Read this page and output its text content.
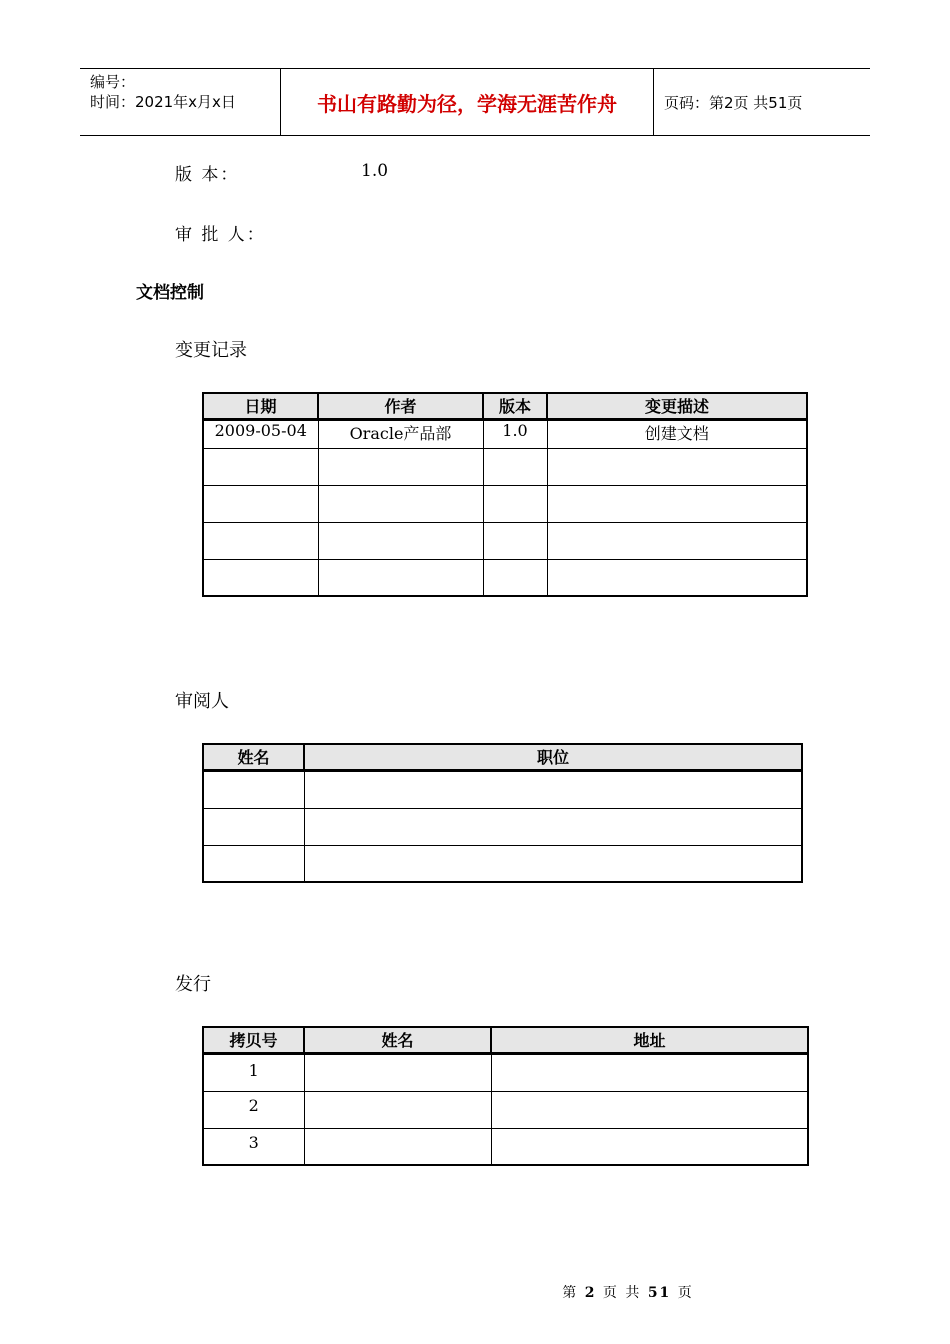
编号：
时间：2021年x月x日	书山有路勤为径，学海无涯苦作舟	页码：第2页 共51页
版 本：	1.0
审 批 人：
文档控制
变更记录
日期	作者	版本	变更描述
2009-05-04	Oracle产品部	1.0	创建文档

审阅人
姓名	职位

发行
拷贝号	姓名	地址
1		
2		
3		
第 2 页 共 51 页
